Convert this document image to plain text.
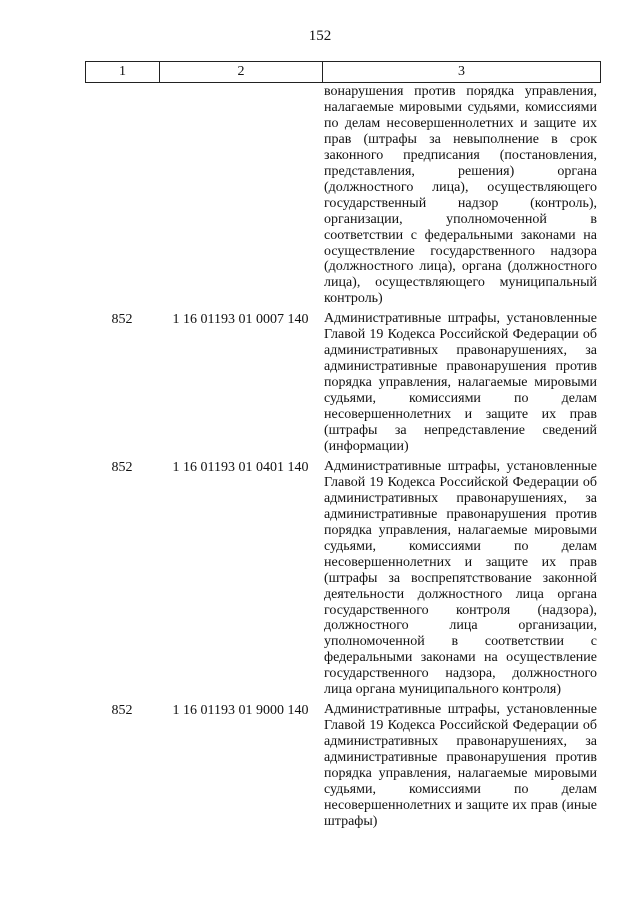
152
1	2	3
вонарушения против порядка управления, налагаемые мировыми судьями, комиссиями по делам несовершеннолетних и защите их прав (штрафы за невыполнение в срок законного предписания (постановления, представления, решения) органа (должностного лица), осуществляющего государственный надзор (контроль), организации, уполномоченной в соответствии с федеральными законами на осуществление государственного надзора (должностного лица), органа (должностного лица), осуществляющего муниципальный контроль)
852	1 16 01193 01 0007 140	Административные штрафы, установленные Главой 19 Кодекса Российской Федерации об административных правонарушениях, за административные правонарушения против порядка управления, налагаемые мировыми судьями, комиссиями по делам несовершеннолетних и защите их прав (штрафы за непредставление сведений (информации)
852	1 16 01193 01 0401 140	Административные штрафы, установленные Главой 19 Кодекса Российской Федерации об административных правонарушениях, за административные правонарушения против порядка управления, налагаемые мировыми судьями, комиссиями по делам несовершеннолетних и защите их прав (штрафы за воспрепятствование законной деятельности должностного лица органа государственного контроля (надзора), должностного лица организации, уполномоченной в соответствии с федеральными законами на осуществление государственного надзора, должностного лица органа муниципального контроля)
852	1 16 01193 01 9000 140	Административные штрафы, установленные Главой 19 Кодекса Российской Федерации об административных правонарушениях, за административные правонарушения против порядка управления, налагаемые мировыми судьями, комиссиями по делам несовершеннолетних и защите их прав (иные штрафы)
